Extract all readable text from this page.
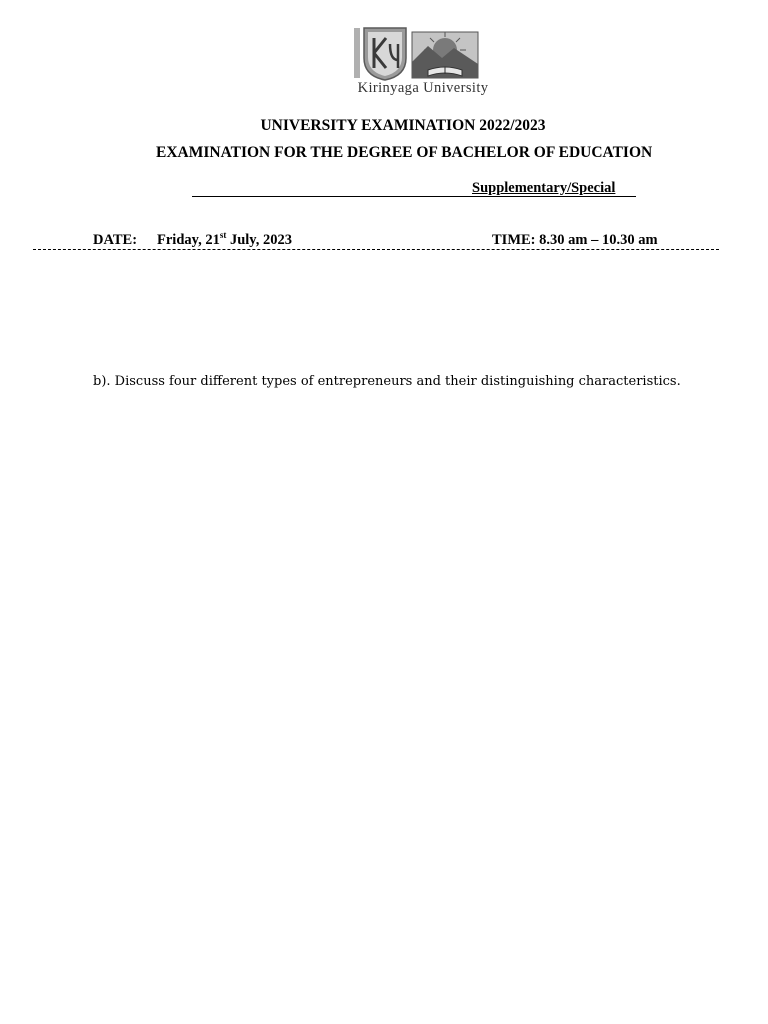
Kirinyaga University
UNIVERSITY EXAMINATION 2022/2023
EXAMINATION FOR THE DEGREE OF BACHELOR OF EDUCATION
Supplementary/Special
DATE: Friday, 21st July, 2023	TIME: 8.30 am – 10.30 am
b). Discuss four different types of entrepreneurs and their distinguishing characteristics.
